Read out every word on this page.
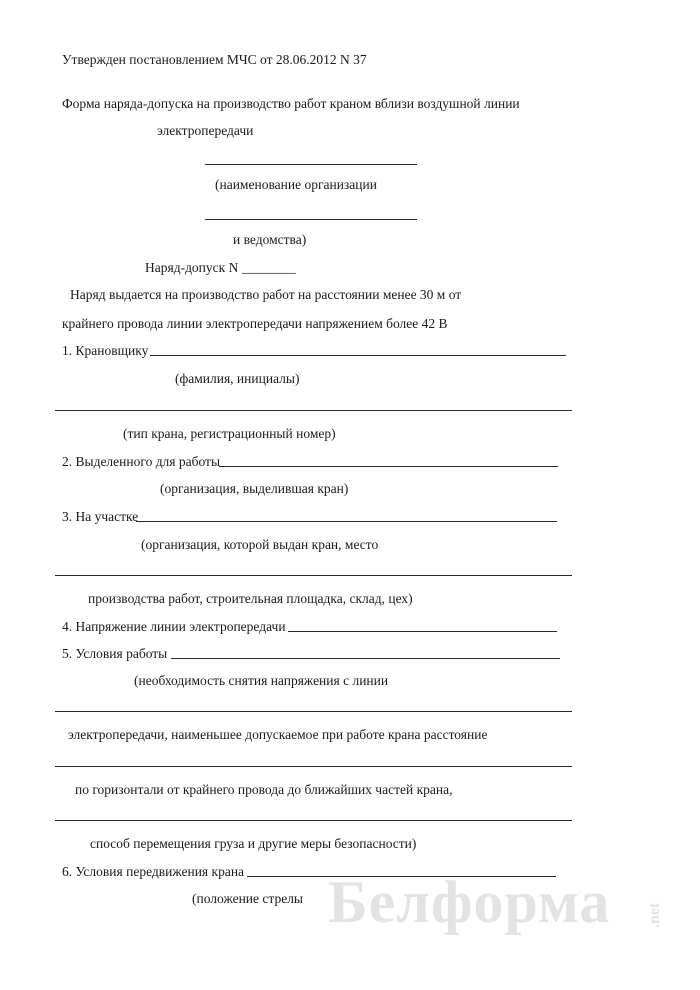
Утвержден постановлением МЧС от 28.06.2012 N 37
Форма наряда-допуска на производство работ краном вблизи воздушной линии
электропередачи
(наименование организации
и ведомства)
Наряд-допуск N ________
Наряд выдается на производство работ на расстоянии менее 30 м от
крайнего провода линии электропередачи напряжением более 42 В
1. Крановщику
(фамилия, инициалы)
(тип крана, регистрационный номер)
2. Выделенного для работы
(организация, выделившая кран)
3. На участке
(организация, которой выдан кран, место
производства работ, строительная площадка, склад, цех)
4. Напряжение линии электропередачи
5. Условия работы
(необходимость снятия напряжения с линии
электропередачи, наименьшее допускаемое при работе крана расстояние
по горизонтали от крайнего провода до ближайших частей крана,
способ перемещения груза и другие меры безопасности)
6. Условия передвижения крана
(положение стрелы Белформа .net
